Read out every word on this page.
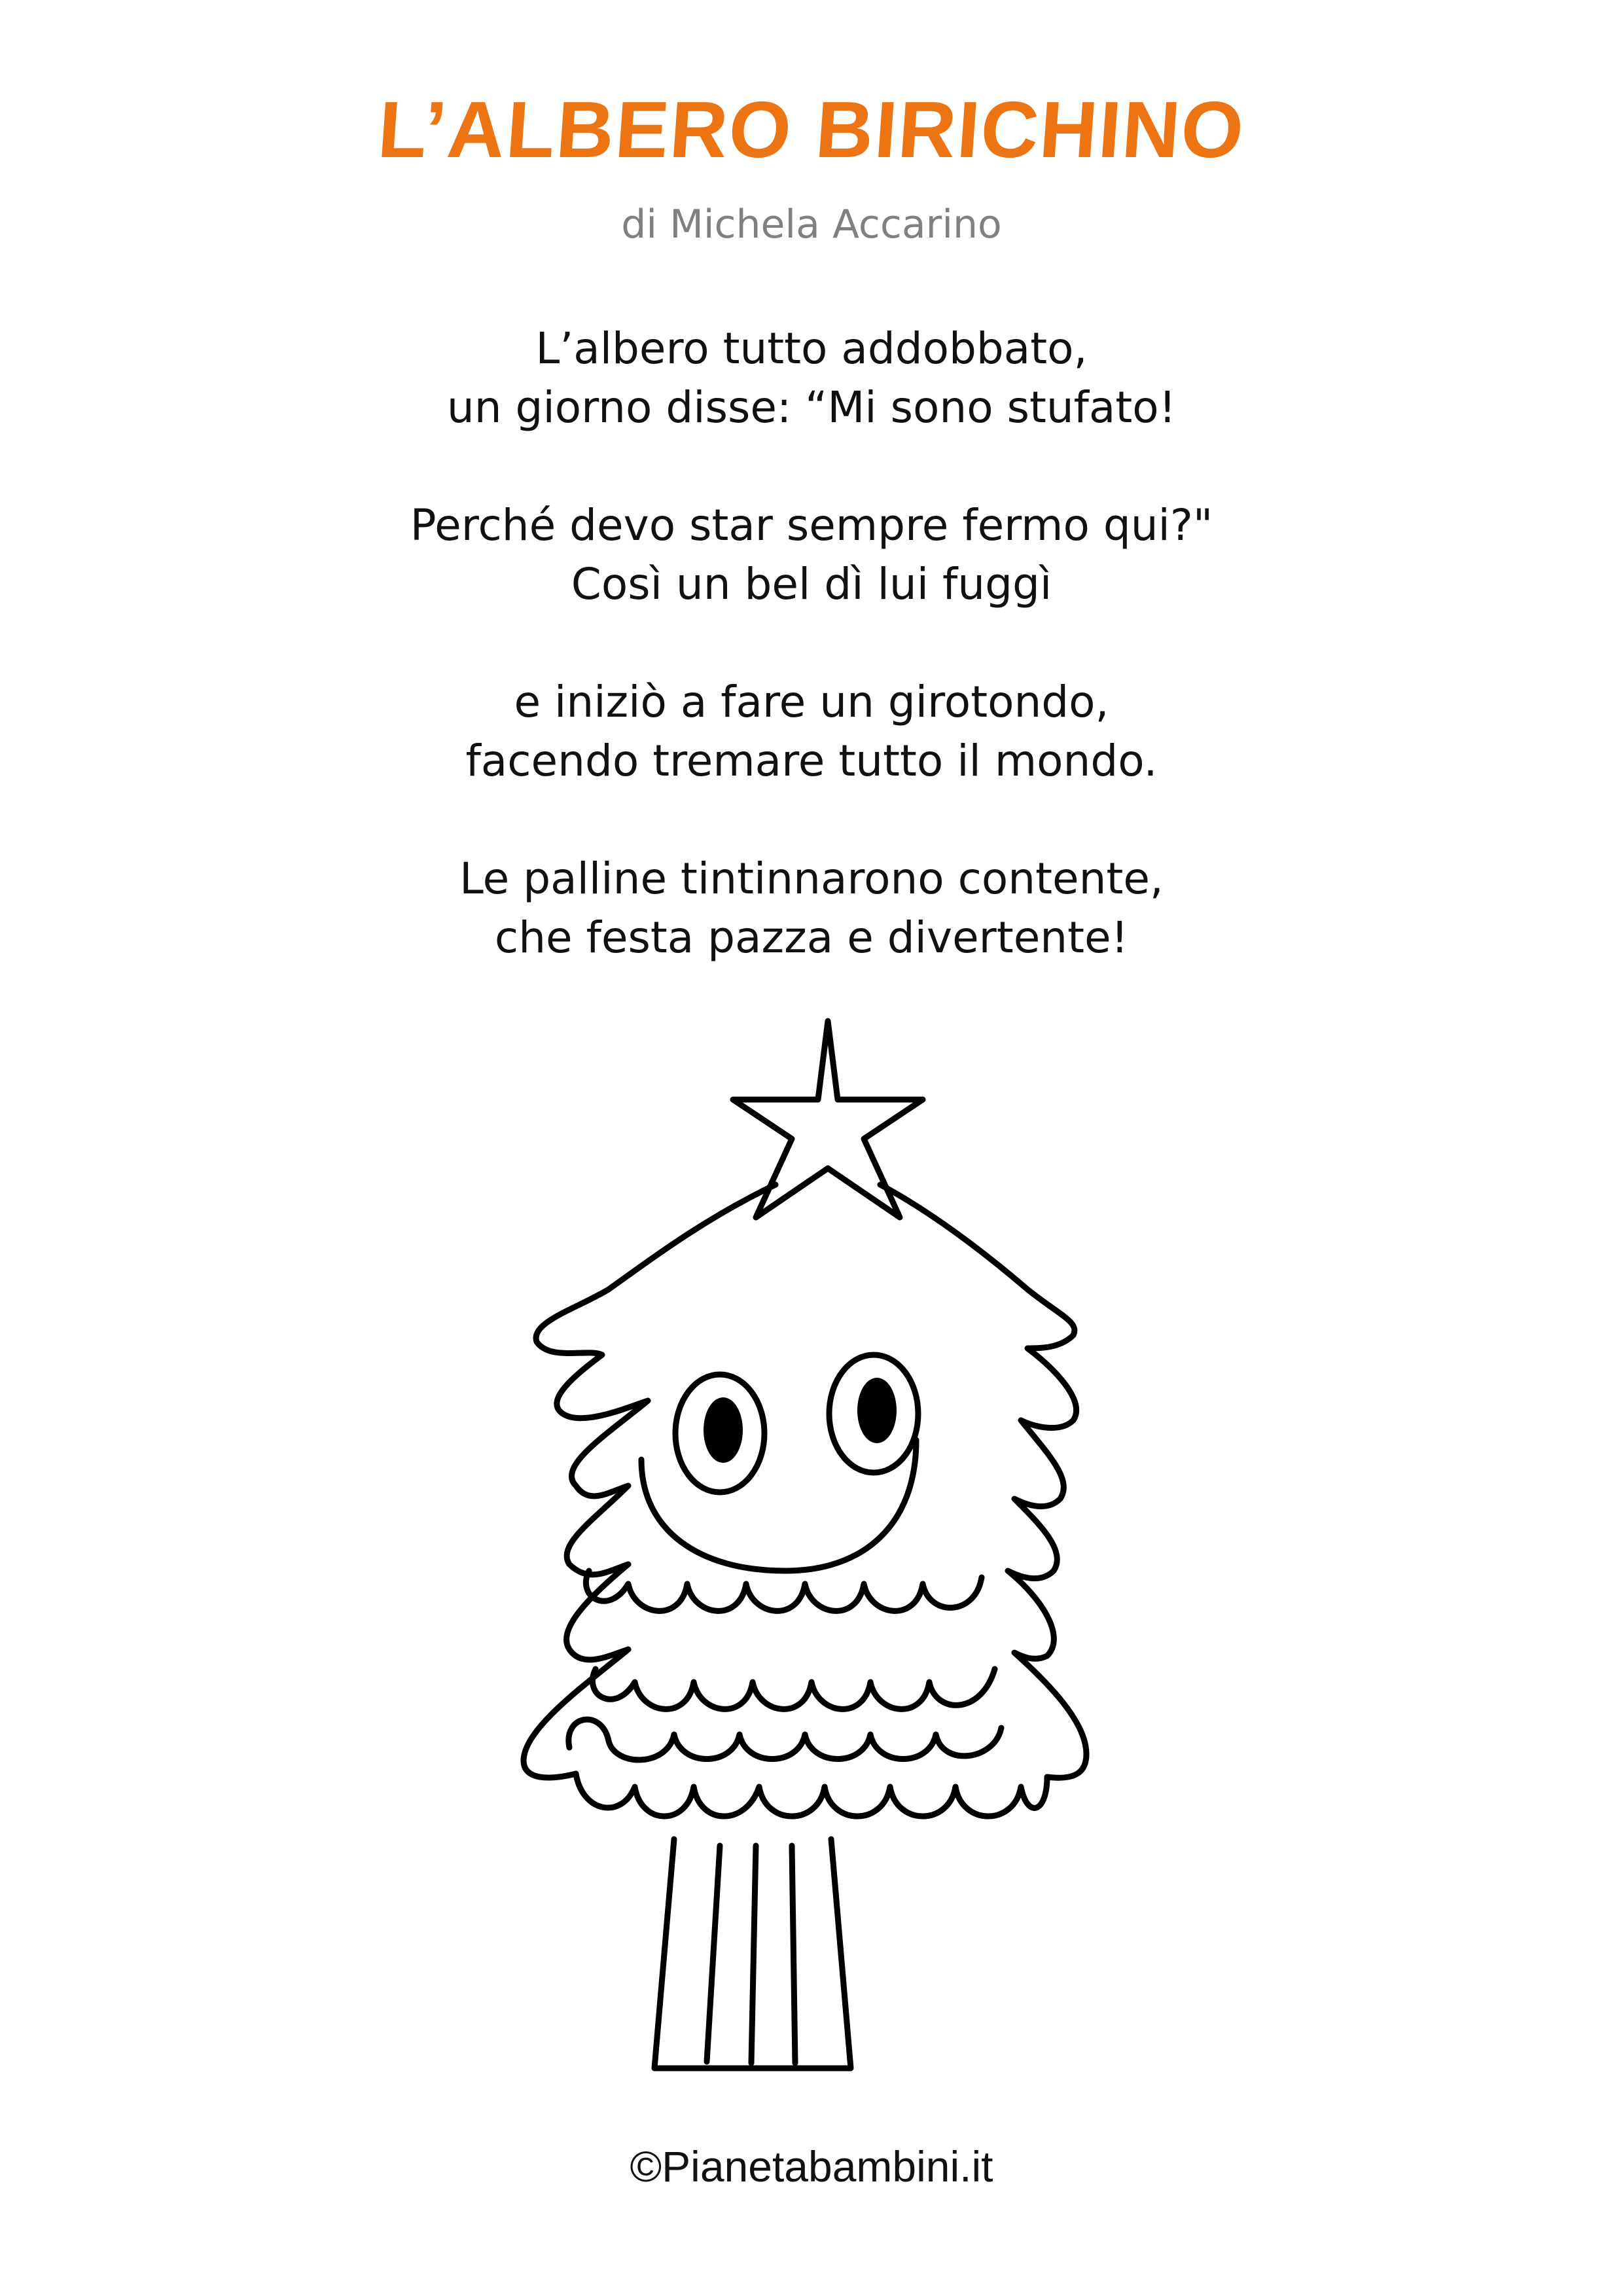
L’ALBERO BIRICHINO
di Michela Accarino
L’albero tutto addobbato,
un giorno disse: “Mi sono stufato!
Perché devo star sempre fermo qui?"
Così un bel dì lui fuggì
e iniziò a fare un girotondo,
facendo tremare tutto il mondo.
Le palline tintinnarono contente,
che festa pazza e divertente!
©Pianetabambini.it
